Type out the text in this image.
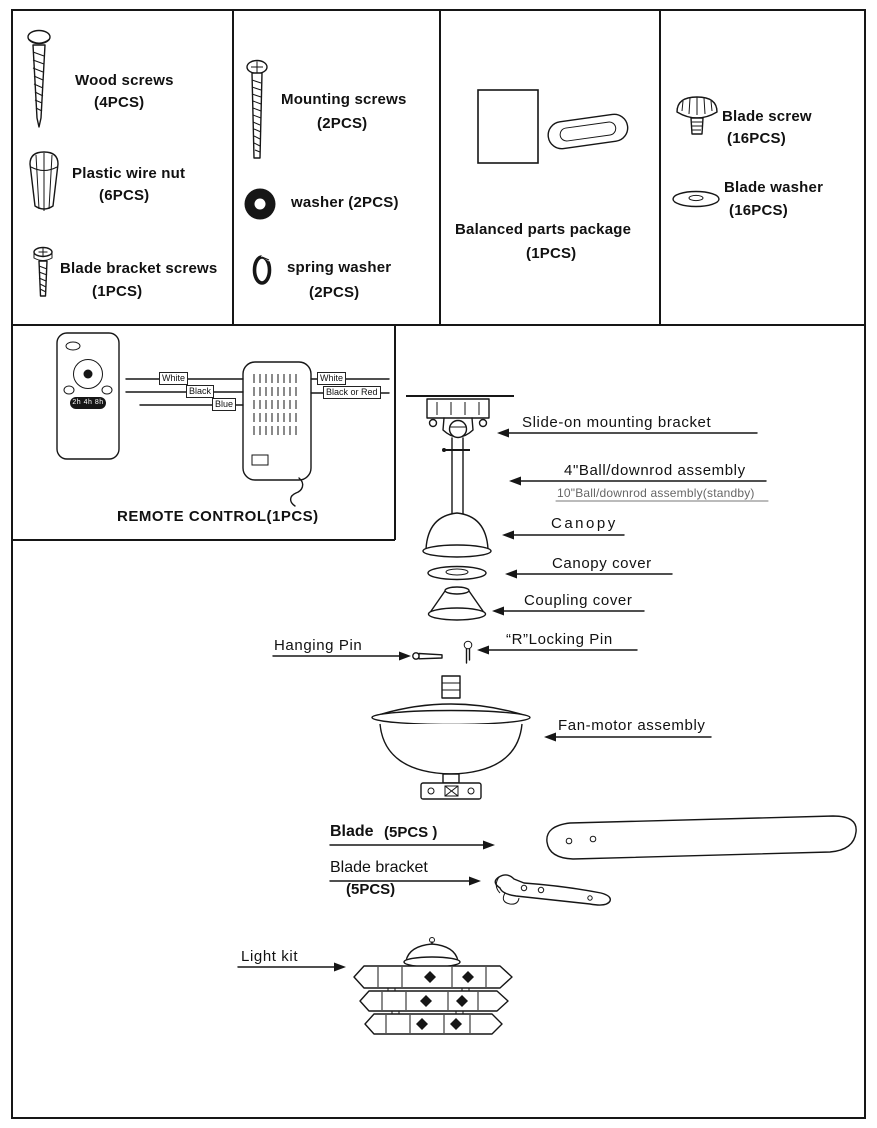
Wood screws
(4PCS)
Plastic wire nut
(6PCS)
Blade bracket screws
(1PCS)
Mounting screws
(2PCS)
washer (2PCS)
spring washer
(2PCS)
Balanced parts package
(1PCS)
Blade screw
(16PCS)
Blade washer
(16PCS)
REMOTE CONTROL(1PCS)
2h 4h 8h
White
Black
Blue
White
Black or Red
Slide-on mounting bracket
4"Ball/downrod assembly
10"Ball/downrod assembly(standby)
Canopy
Canopy cover
Coupling cover
“R”Locking Pin
Hanging Pin
Fan-motor assembly
Blade (5PCS )
Blade bracket
(5PCS)
Light kit
